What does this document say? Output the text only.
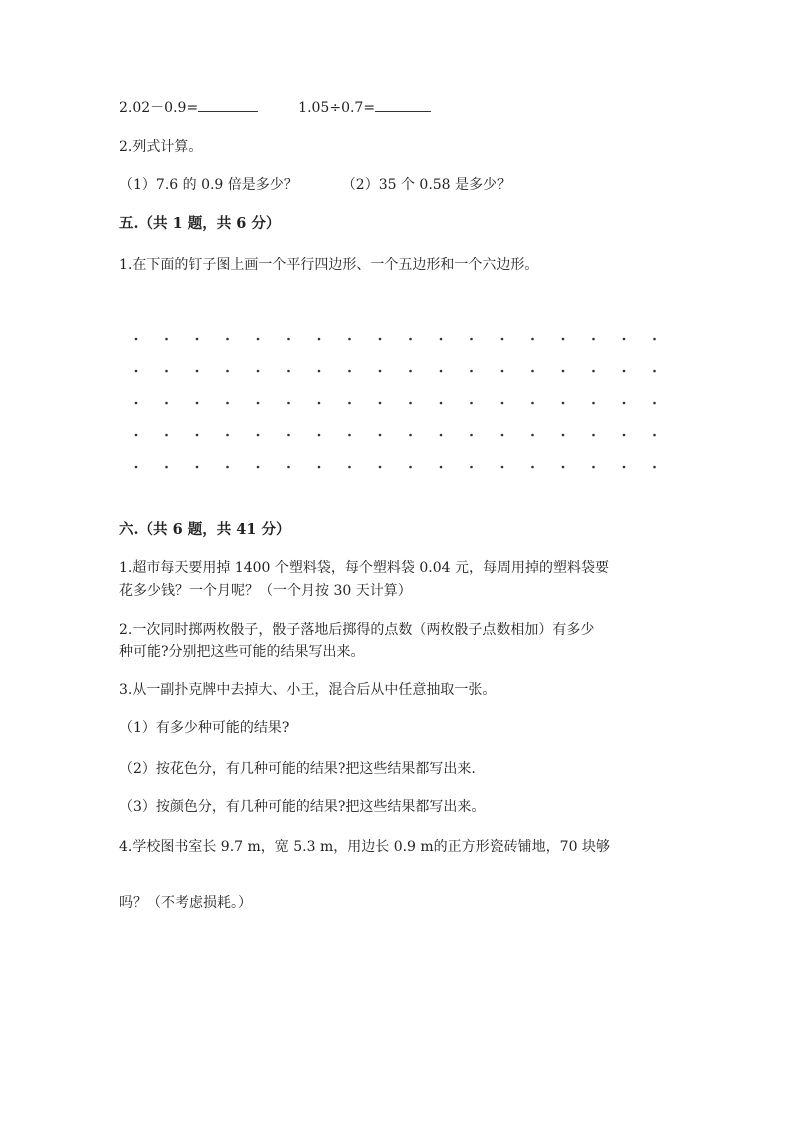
2.02－0.9=	1.05÷0.7=
2.列式计算。
（1）7.6 的 0.9 倍是多少？	（2）35 个 0.58 是多少？
五.（共 1 题，共 6 分）
1.在下面的钉子图上画一个平行四边形、一个五边形和一个六边形。
六.（共 6 题，共 41 分）
1.超市每天要用掉 1400 个塑料袋，每个塑料袋 0.04 元，每周用掉的塑料袋要
花多少钱？一个月呢？（一个月按 30 天计算）
2.一次同时掷两枚骰子，骰子落地后掷得的点数（两枚骰子点数相加）有多少
种可能?分别把这些可能的结果写出来。
3.从一副扑克牌中去掉大、小王，混合后从中任意抽取一张。
（1）有多少种可能的结果?
（2）按花色分，有几种可能的结果?把这些结果都写出来.
（3）按颜色分，有几种可能的结果?把这些结果都写出来。
4.学校图书室长 9.7 m，宽 5.3 m，用边长 0.9 m的正方形瓷砖铺地，70 块够
吗？（不考虑损耗。）
